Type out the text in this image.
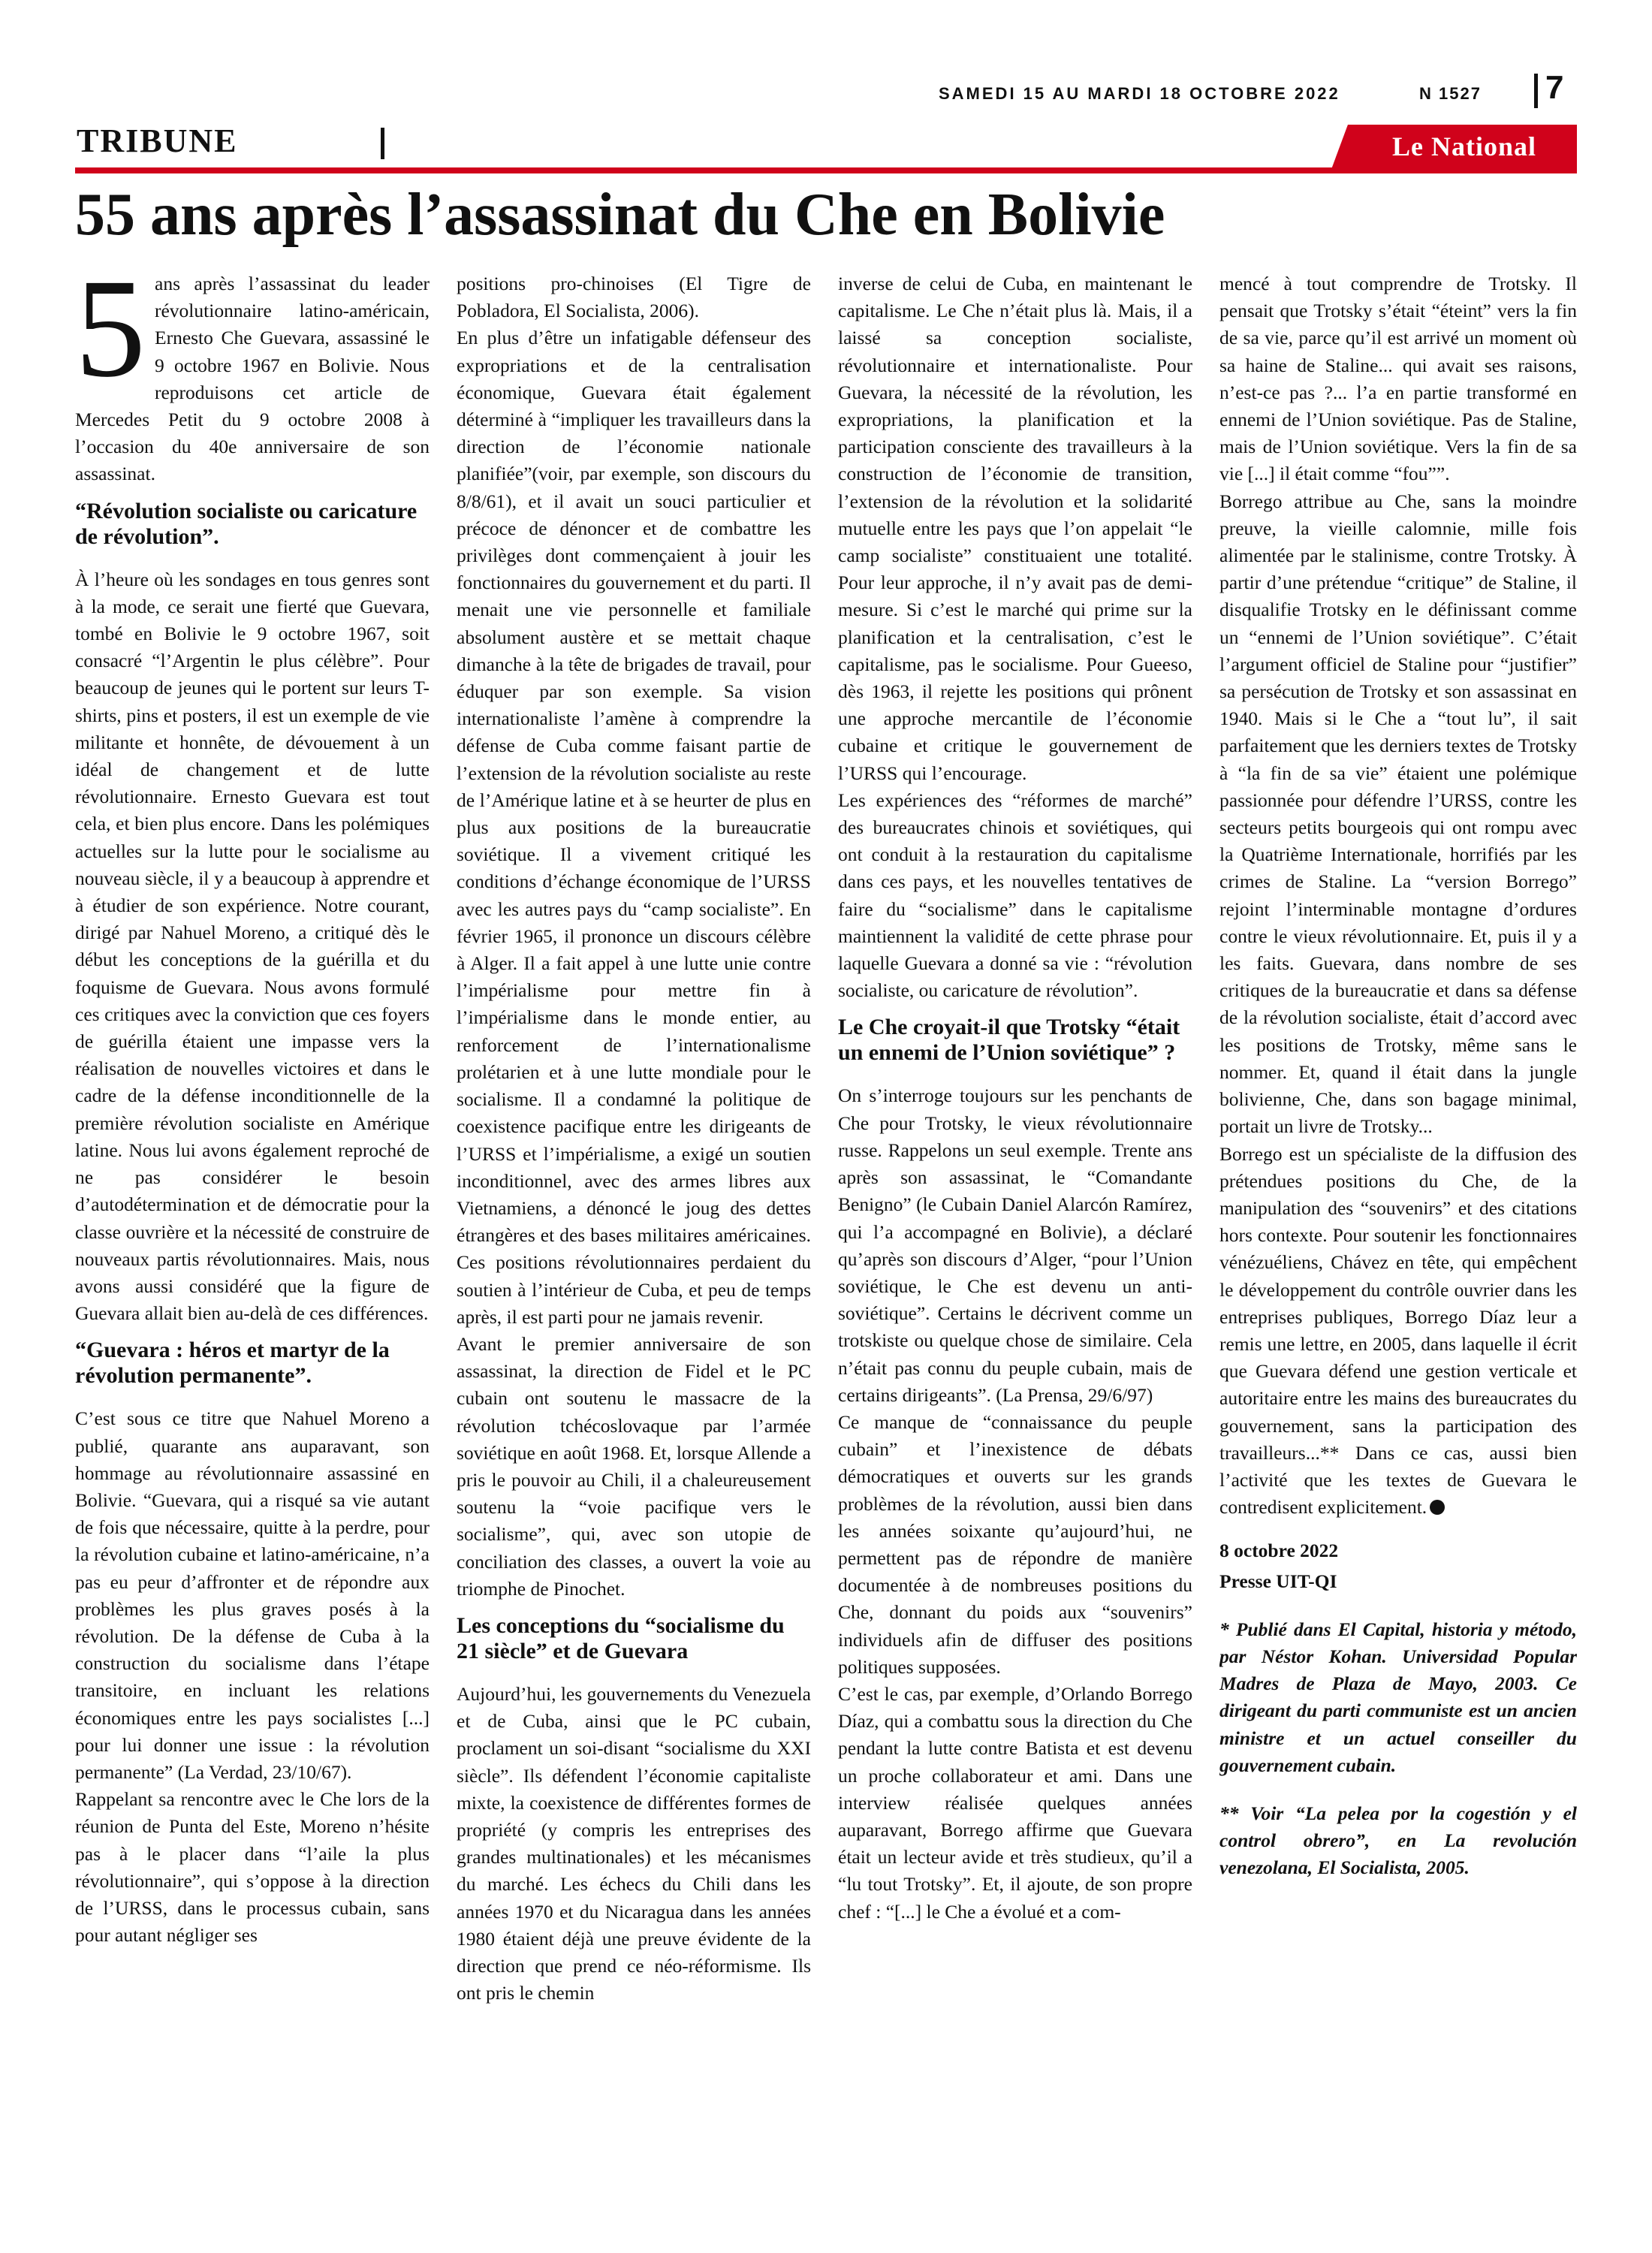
SAMEDI 15 AU MARDI 18 OCTOBRE 2022	N 1527 7
TRIBUNE	Le National
55 ans après l’assassinat du Che en Bolivie

5 ans après l’assassinat du leader révolutionnaire latino-américain, Ernesto Che Guevara, assassiné le 9 octobre 1967 en Bolivie. Nous reproduisons cet article de Mercedes Petit du 9 octobre 2008 à l’occasion du 40e anniversaire de son assassinat.

“Révolution socialiste ou caricature de révolution”.

À l’heure où les sondages en tous genres sont à la mode, ce serait une fierté que Guevara, tombé en Bolivie le 9 octobre 1967, soit consacré “l’Argentin le plus célèbre”. Pour beaucoup de jeunes qui le portent sur leurs T-shirts, pins et posters, il est un exemple de vie militante et honnête, de dévouement à un idéal de changement et de lutte révolutionnaire. Ernesto Guevara est tout cela, et bien plus encore. Dans les polémiques actuelles sur la lutte pour le socialisme au nouveau siècle, il y a beaucoup à apprendre et à étudier de son expérience. Notre courant, dirigé par Nahuel Moreno, a critiqué dès le début les conceptions de la guérilla et du foquisme de Guevara. Nous avons formulé ces critiques avec la conviction que ces foyers de guérilla étaient une impasse vers la réalisation de nouvelles victoires et dans le cadre de la défense inconditionnelle de la première révolution socialiste en Amérique latine. Nous lui avons également reproché de ne pas considérer le besoin d’autodétermination et de démocratie pour la classe ouvrière et la nécessité de construire de nouveaux partis révolutionnaires. Mais, nous avons aussi considéré que la figure de Guevara allait bien au-delà de ces différences.

“Guevara : héros et martyr de la révolution permanente”.

C’est sous ce titre que Nahuel Moreno a publié, quarante ans auparavant, son hommage au révolutionnaire assassiné en Bolivie. “Guevara, qui a risqué sa vie autant de fois que nécessaire, quitte à la perdre, pour la révolution cubaine et latino-américaine, n’a pas eu peur d’affronter et de répondre aux problèmes les plus graves posés à la révolution. De la défense de Cuba à la construction du socialisme dans l’étape transitoire, en incluant les relations économiques entre les pays socialistes [...] pour lui donner une issue : la révolution permanente” (La Verdad, 23/10/67).

Rappelant sa rencontre avec le Che lors de la réunion de Punta del Este, Moreno n’hésite pas à le placer dans “l’aile la plus révolutionnaire”, qui s’oppose à la direction de l’URSS, dans le processus cubain, sans pour autant négliger ses

positions pro-chinoises (El Tigre de Pobladora, El Socialista, 2006).

En plus d’être un infatigable défenseur des expropriations et de la centralisation économique, Guevara était également déterminé à “impliquer les travailleurs dans la direction de l’économie nationale planifiée”(voir, par exemple, son discours du 8/8/61), et il avait un souci particulier et précoce de dénoncer et de combattre les privilèges dont commençaient à jouir les fonctionnaires du gouvernement et du parti. Il menait une vie personnelle et familiale absolument austère et se mettait chaque dimanche à la tête de brigades de travail, pour éduquer par son exemple. Sa vision internationaliste l’amène à comprendre la défense de Cuba comme faisant partie de l’extension de la révolution socialiste au reste de l’Amérique latine et à se heurter de plus en plus aux positions de la bureaucratie soviétique. Il a vivement critiqué les conditions d’échange économique de l’URSS avec les autres pays du “camp socialiste”. En février 1965, il prononce un discours célèbre à Alger. Il a fait appel à une lutte unie contre l’impérialisme pour mettre fin à l’impérialisme dans le monde entier, au renforcement de l’internationalisme prolétarien et à une lutte mondiale pour le socialisme. Il a condamné la politique de coexistence pacifique entre les dirigeants de l’URSS et l’impérialisme, a exigé un soutien inconditionnel, avec des armes libres aux Vietnamiens, a dénoncé le joug des dettes étrangères et des bases militaires américaines. Ces positions révolutionnaires perdaient du soutien à l’intérieur de Cuba, et peu de temps après, il est parti pour ne jamais revenir.

Avant le premier anniversaire de son assassinat, la direction de Fidel et le PC cubain ont soutenu le massacre de la révolution tchécoslovaque par l’armée soviétique en août 1968. Et, lorsque Allende a pris le pouvoir au Chili, il a chaleureusement soutenu la “voie pacifique vers le socialisme”, qui, avec son utopie de conciliation des classes, a ouvert la voie au triomphe de Pinochet.

Les conceptions du “socialisme du 21 siècle” et de Guevara

Aujourd’hui, les gouvernements du Venezuela et de Cuba, ainsi que le PC cubain, proclament un soi-disant “socialisme du XXI siècle”. Ils défendent l’économie capitaliste mixte, la coexistence de différentes formes de propriété (y compris les entreprises des grandes multinationales) et les mécanismes du marché. Les échecs du Chili dans les années 1970 et du Nicaragua dans les années 1980 étaient déjà une preuve évidente de la direction que prend ce néo-réformisme. Ils ont pris le chemin

inverse de celui de Cuba, en maintenant le capitalisme. Le Che n’était plus là. Mais, il a laissé sa conception socialiste, révolutionnaire et internationaliste. Pour Guevara, la nécessité de la révolution, les expropriations, la planification et la participation consciente des travailleurs à la construction de l’économie de transition, l’extension de la révolution et la solidarité mutuelle entre les pays que l’on appelait “le camp socialiste” constituaient une totalité. Pour leur approche, il n’y avait pas de demi-mesure. Si c’est le marché qui prime sur la planification et la centralisation, c’est le capitalisme, pas le socialisme. Pour Gueeso, dès 1963, il rejette les positions qui prônent une approche mercantile de l’économie cubaine et critique le gouvernement de l’URSS qui l’encourage.

Les expériences des “réformes de marché” des bureaucrates chinois et soviétiques, qui ont conduit à la restauration du capitalisme dans ces pays, et les nouvelles tentatives de faire du “socialisme” dans le capitalisme maintiennent la validité de cette phrase pour laquelle Guevara a donné sa vie : “révolution socialiste, ou caricature de révolution”.

Le Che croyait-il que Trotsky “était un ennemi de l’Union soviétique” ?

On s’interroge toujours sur les penchants de Che pour Trotsky, le vieux révolutionnaire russe. Rappelons un seul exemple. Trente ans après son assassinat, le “Comandante Benigno” (le Cubain Daniel Alarcón Ramírez, qui l’a accompagné en Bolivie), a déclaré qu’après son discours d’Alger, “pour l’Union soviétique, le Che est devenu un anti-soviétique”. Certains le décrivent comme un trotskiste ou quelque chose de similaire. Cela n’était pas connu du peuple cubain, mais de certains dirigeants”. (La Prensa, 29/6/97)

Ce manque de “connaissance du peuple cubain” et l’inexistence de débats démocratiques et ouverts sur les grands problèmes de la révolution, aussi bien dans les années soixante qu’aujourd’hui, ne permettent pas de répondre de manière documentée à de nombreuses positions du Che, donnant du poids aux “souvenirs” individuels afin de diffuser des positions politiques supposées.

C’est le cas, par exemple, d’Orlando Borrego Díaz, qui a combattu sous la direction du Che pendant la lutte contre Batista et est devenu un proche collaborateur et ami. Dans une interview réalisée quelques années auparavant, Borrego affirme que Guevara était un lecteur avide et très studieux, qu’il a “lu tout Trotsky”. Et, il ajoute, de son propre chef : “[...] le Che a évolué et a com-

mencé à tout comprendre de Trotsky. Il pensait que Trotsky s’était “éteint” vers la fin de sa vie, parce qu’il est arrivé un moment où sa haine de Staline... qui avait ses raisons, n’est-ce pas ?... l’a en partie transformé en ennemi de l’Union soviétique. Pas de Staline, mais de l’Union soviétique. Vers la fin de sa vie [...] il était comme “fou””.

Borrego attribue au Che, sans la moindre preuve, la vieille calomnie, mille fois alimentée par le stalinisme, contre Trotsky. À partir d’une prétendue “critique” de Staline, il disqualifie Trotsky en le définissant comme un “ennemi de l’Union soviétique”. C’était l’argument officiel de Staline pour “justifier” sa persécution de Trotsky et son assassinat en 1940. Mais si le Che a “tout lu”, il sait parfaitement que les derniers textes de Trotsky à “la fin de sa vie” étaient une polémique passionnée pour défendre l’URSS, contre les secteurs petits bourgeois qui ont rompu avec la Quatrième Internationale, horrifiés par les crimes de Staline. La “version Borrego” rejoint l’interminable montagne d’ordures contre le vieux révolutionnaire. Et, puis il y a les faits. Guevara, dans nombre de ses critiques de la bureaucratie et dans sa défense de la révolution socialiste, était d’accord avec les positions de Trotsky, même sans le nommer. Et, quand il était dans la jungle bolivienne, Che, dans son bagage minimal, portait un livre de Trotsky...

Borrego est un spécialiste de la diffusion des prétendues positions du Che, de la manipulation des “souvenirs” et des citations hors contexte. Pour soutenir les fonctionnaires vénézuéliens, Chávez en tête, qui empêchent le développement du contrôle ouvrier dans les entreprises publiques, Borrego Díaz leur a remis une lettre, en 2005, dans laquelle il écrit que Guevara défend une gestion verticale et autoritaire entre les mains des bureaucrates du gouvernement, sans la participation des travailleurs...** Dans ce cas, aussi bien l’activité que les textes de Guevara le contredisent explicitement.

8 octobre 2022

Presse UIT-QI

* Publié dans El Capital, historia y método, par Néstor Kohan. Universidad Popular Madres de Plaza de Mayo, 2003. Ce dirigeant du parti communiste est un ancien ministre et un actuel conseiller du gouvernement cubain.

** Voir “La pelea por la cogestión y el control obrero”, en La revolución venezolana, El Socialista, 2005.
